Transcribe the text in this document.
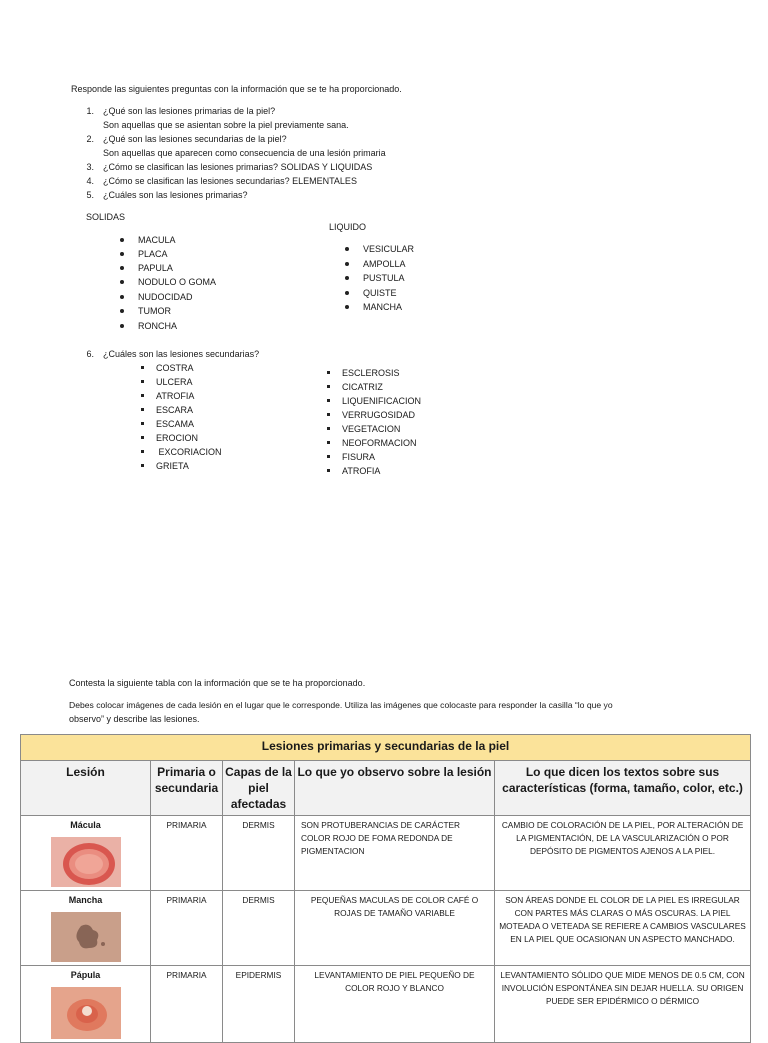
Responde las siguientes preguntas con la información que se te ha proporcionado.
1. ¿Qué son las lesiones primarias de la piel?
Son aquellas que se asientan sobre la piel previamente sana.
2. ¿Qué son las lesiones secundarias de la piel?
Son aquellas que aparecen como consecuencia de una lesión primaria
3. ¿Cómo se clasifican las lesiones primarias? SOLIDAS Y LIQUIDAS
4. ¿Cómo se clasifican las lesiones secundarias? ELEMENTALES
5. ¿Cuáles son las lesiones primarias?
SOLIDAS
MACULA
PLACA
PAPULA
NODULO O GOMA
NUDOCIDAD
TUMOR
RONCHA
LIQUIDO
VESICULAR
AMPOLLA
PUSTULA
QUISTE
MANCHA
6. ¿Cuáles son las lesiones secundarias?
COSTRA
ULCERA
ATROFIA
ESCARA
ESCAMA
EROCION
EXCORIACION
GRIETA
ESCLEROSIS
CICATRIZ
LIQUENIFICACION
VERRUGOSIDAD
VEGETACION
NEOFORMACION
FISURA
ATROFIA
Contesta la siguiente tabla con la información que se te ha proporcionado.
Debes colocar imágenes de cada lesión en el lugar que le corresponde. Utiliza las imágenes que colocaste para responder la casilla “lo que yo
observo” y describe las lesiones.
Lesiones primarias y secundarias de la piel				
Lesión	Primaria o secundaria	Capas de la piel afectadas	Lo que yo observo sobre la lesión	Lo que dicen los textos sobre sus características (forma, tamaño, color, etc.)

Mácula	PRIMARIA	DERMIS	SON PROTUBERANCIAS DE CARÁCTER COLOR ROJO DE FOMA REDONDA DE PIGMENTACION	CAMBIO DE COLORACIÓN DE LA PIEL, POR ALTERACIÓN DE LA PIGMENTACIÓN, DE LA VASCULARIZACIÓN O POR DEPÓSITO DE PIGMENTOS AJENOS A LA PIEL.

Mancha	PRIMARIA	DERMIS	PEQUEÑAS MACULAS DE COLOR CAFÉ O ROJAS DE TAMAÑO VARIABLE	SON ÁREAS DONDE EL COLOR DE LA PIEL ES IRREGULAR CON PARTES MÁS CLARAS O MÁS OSCURAS. LA PIEL MOTEADA O VETEADA SE REFIERE A CAMBIOS VASCULARES EN LA PIEL QUE OCASIONAN UN ASPECTO MANCHADO.

Pápula	PRIMARIA	EPIDERMIS	LEVANTAMIENTO DE PIEL PEQUEÑO DE COLOR ROJO Y BLANCO	LEVANTAMIENTO SÓLIDO QUE MIDE MENOS DE 0.5 CM, CON INVOLUCIÓN ESPONTÁNEA SIN DEJAR HUELLA. SU ORIGEN PUEDE SER EPIDÉRMICO O DÉRMICO
